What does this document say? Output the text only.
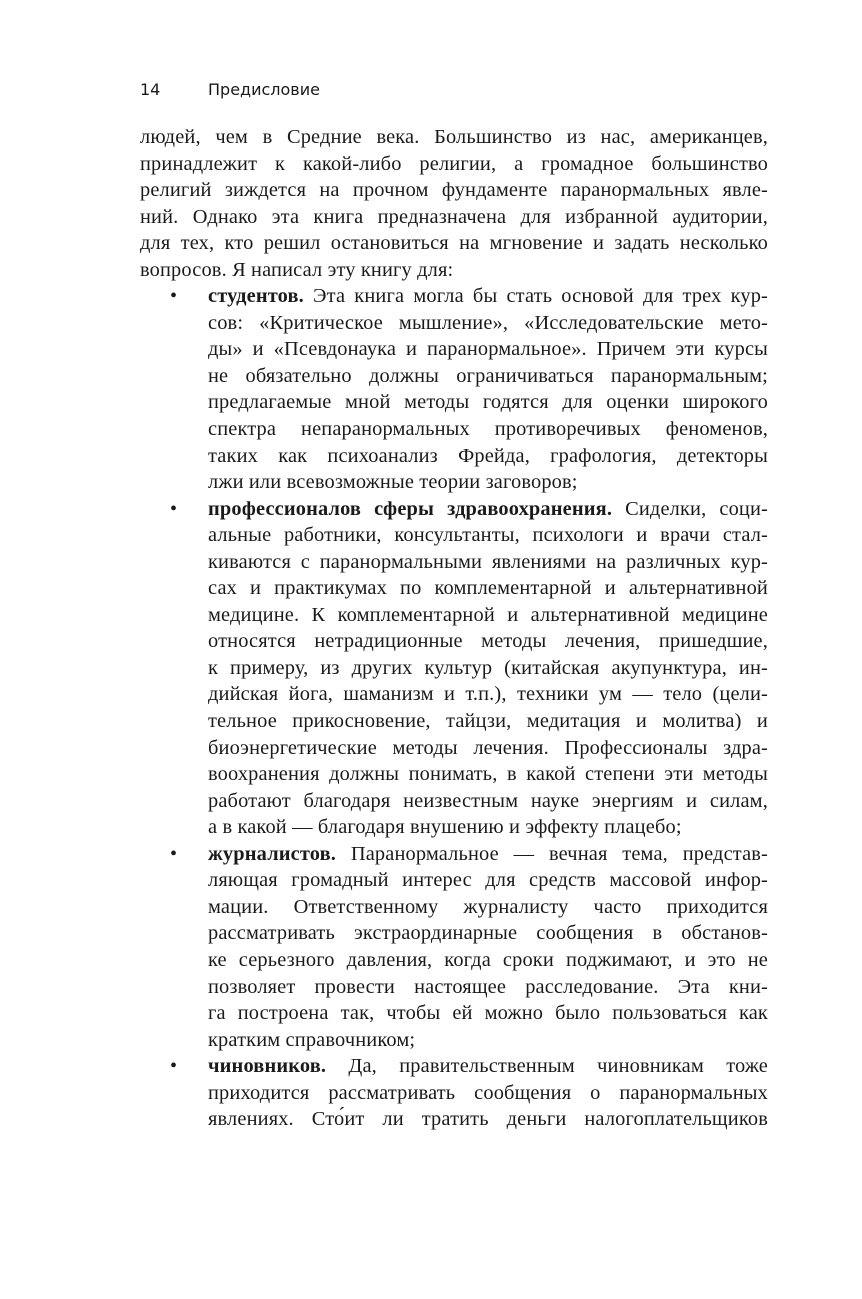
14	Предисловие
людей, чем в Средние века. Большинство из нас, американцев,
принадлежит к какой-либо религии, а громадное большинство
религий зиждется на прочном фундаменте паранормальных явле-
ний. Однако эта книга предназначена для избранной аудитории,
для тех, кто решил остановиться на мгновение и задать несколько
вопросов. Я написал эту книгу для:
• студентов. Эта книга могла бы стать основой для трех кур-
сов: «Критическое мышление», «Исследовательские мето-
ды» и «Псевдонаука и паранормальное». Причем эти курсы
не обязательно должны ограничиваться паранормальным;
предлагаемые мной методы годятся для оценки широкого
спектра непаранормальных противоречивых феноменов,
таких как психоанализ Фрейда, графология, детекторы
лжи или всевозможные теории заговоров;
• профессионалов сферы здравоохранения. Сиделки, соци-
альные работники, консультанты, психологи и врачи стал-
киваются с паранормальными явлениями на различных кур-
сах и практикумах по комплементарной и альтернативной
медицине. К комплементарной и альтернативной медицине
относятся нетрадиционные методы лечения, пришедшие,
к примеру, из других культур (китайская акупунктура, ин-
дийская йога, шаманизм и т.п.), техники ум — тело (цели-
тельное прикосновение, тайцзи, медитация и молитва) и
биоэнергетические методы лечения. Профессионалы здра-
воохранения должны понимать, в какой степени эти методы
работают благодаря неизвестным науке энергиям и силам,
а в какой — благодаря внушению и эффекту плацебо;
• журналистов. Паранормальное — вечная тема, представ-
ляющая громадный интерес для средств массовой инфор-
мации. Ответственному журналисту часто приходится
рассматривать экстраординарные сообщения в обстанов-
ке серьезного давления, когда сроки поджимают, и это не
позволяет провести настоящее расследование. Эта кни-
га построена так, чтобы ей можно было пользоваться как
кратким справочником;
• чиновников. Да, правительственным чиновникам тоже
приходится рассматривать сообщения о паранормальных
явлениях. Сто́ит ли тратить деньги налогоплательщиков
